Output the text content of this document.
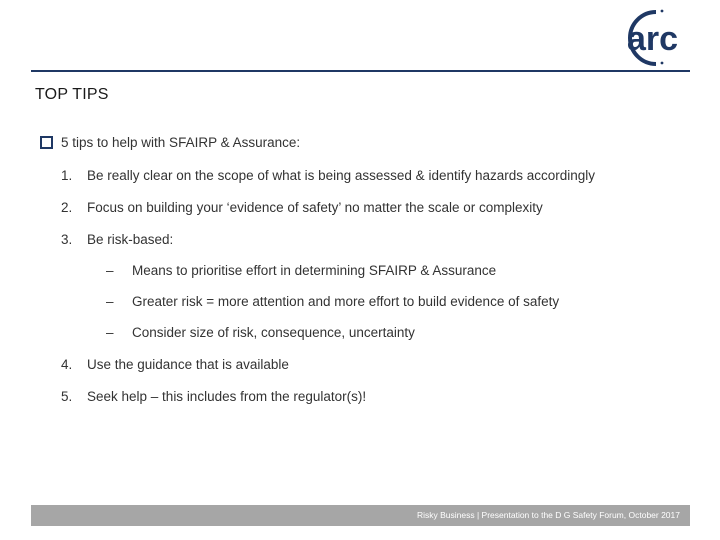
arc
TOP TIPS
5 tips to help with SFAIRP & Assurance:
1. Be really clear on the scope of what is being assessed & identify hazards accordingly
2. Focus on building your ‘evidence of safety’ no matter the scale or complexity
3. Be risk-based:
– Means to prioritise effort in determining SFAIRP & Assurance
– Greater risk = more attention and more effort to build evidence of safety
– Consider size of risk, consequence, uncertainty
4. Use the guidance that is available
5. Seek help – this includes from the regulator(s)!
Risky Business | Presentation to the D G Safety Forum, October 2017
